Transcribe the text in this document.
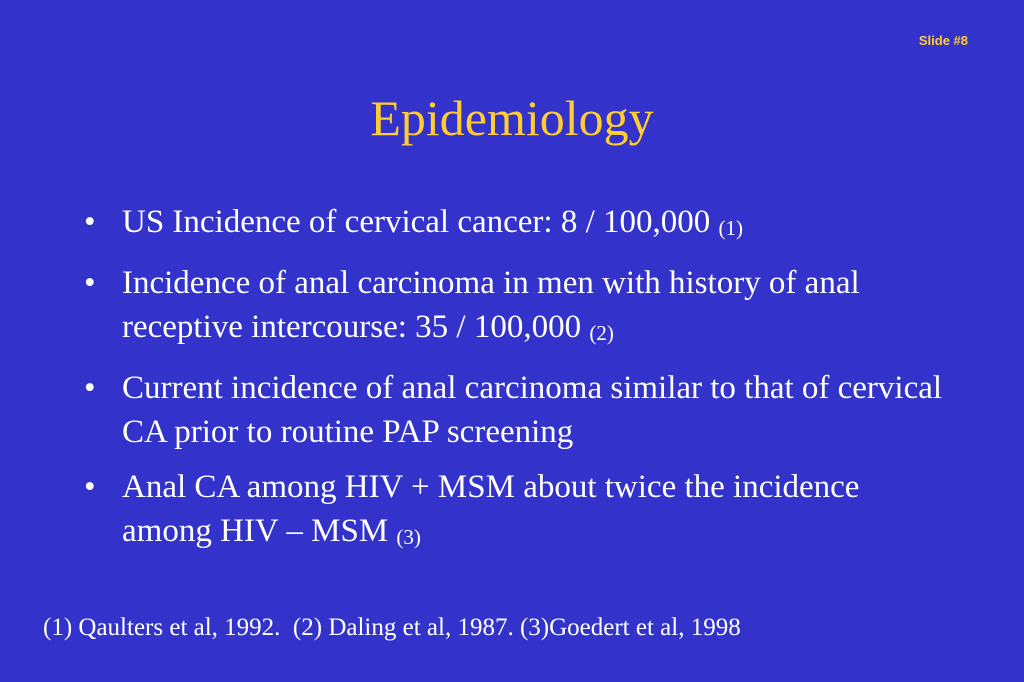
Slide #8
Epidemiology
• US Incidence of cervical cancer: 8 / 100,000 (1)
• Incidence of anal carcinoma in men with history of anal receptive intercourse: 35 / 100,000 (2)
• Current incidence of anal carcinoma similar to that of cervical CA prior to routine PAP screening
• Anal CA among HIV + MSM about twice the incidence among HIV – MSM (3)
(1) Qaulters et al, 1992.  (2) Daling et al, 1987. (3)Goedert et al, 1998
